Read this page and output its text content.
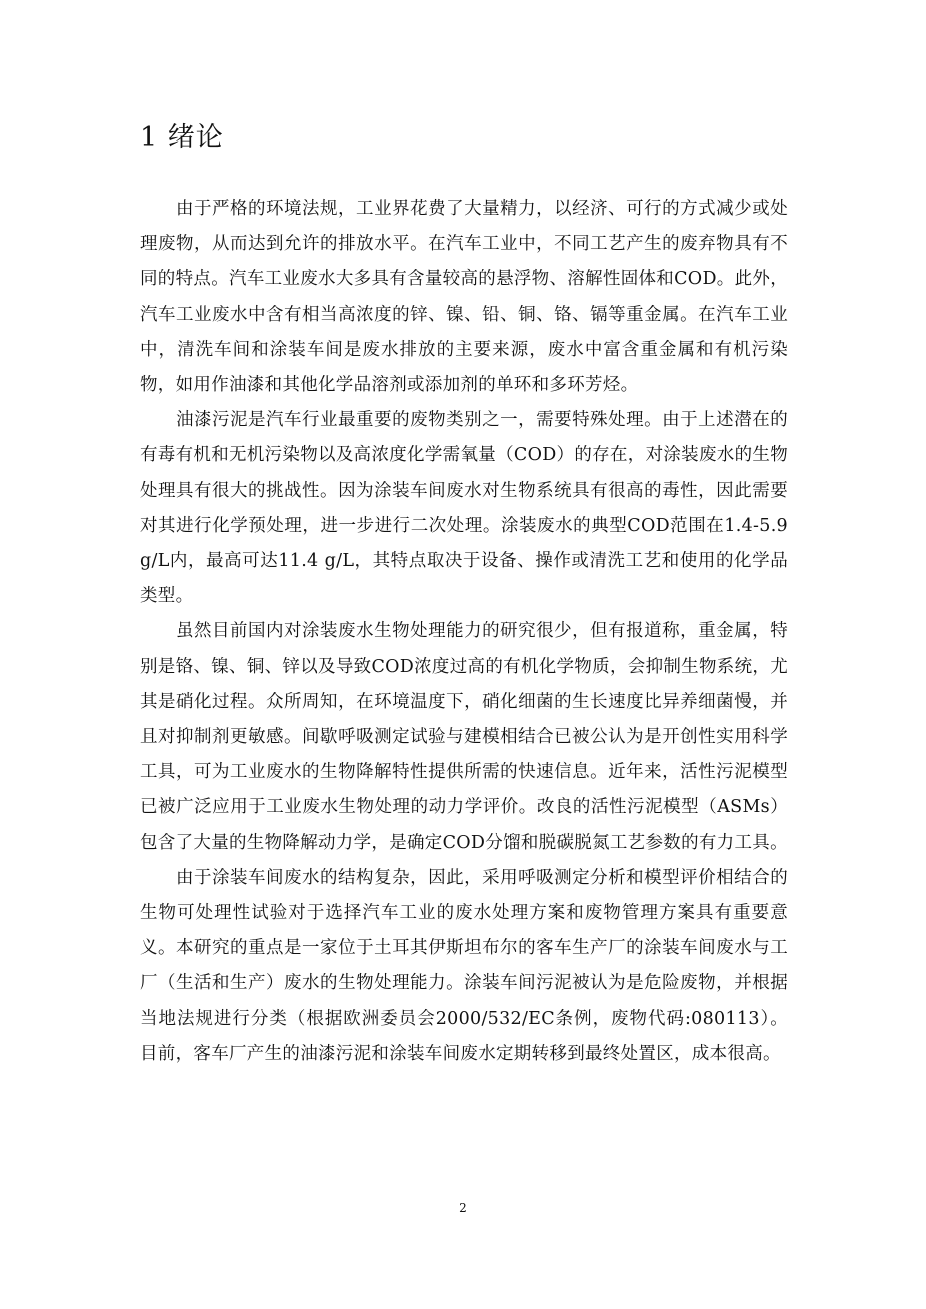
1 绪论

由于严格的环境法规，工业界花费了大量精力，以经济、可行的方式减少或处理废物，从而达到允许的排放水平。在汽车工业中，不同工艺产生的废弃物具有不同的特点。汽车工业废水大多具有含量较高的悬浮物、溶解性固体和COD。此外，汽车工业废水中含有相当高浓度的锌、镍、铅、铜、铬、镉等重金属。在汽车工业中，清洗车间和涂装车间是废水排放的主要来源，废水中富含重金属和有机污染物，如用作油漆和其他化学品溶剂或添加剂的单环和多环芳烃。

油漆污泥是汽车行业最重要的废物类别之一，需要特殊处理。由于上述潜在的有毒有机和无机污染物以及高浓度化学需氧量（COD）的存在，对涂装废水的生物处理具有很大的挑战性。因为涂装车间废水对生物系统具有很高的毒性，因此需要对其进行化学预处理，进一步进行二次处理。涂装废水的典型COD范围在1.4-5.9 g/L内，最高可达11.4 g/L，其特点取决于设备、操作或清洗工艺和使用的化学品类型。

虽然目前国内对涂装废水生物处理能力的研究很少，但有报道称，重金属，特别是铬、镍、铜、锌以及导致COD浓度过高的有机化学物质，会抑制生物系统，尤其是硝化过程。众所周知，在环境温度下，硝化细菌的生长速度比异养细菌慢，并且对抑制剂更敏感。间歇呼吸测定试验与建模相结合已被公认为是开创性实用科学工具，可为工业废水的生物降解特性提供所需的快速信息。近年来，活性污泥模型已被广泛应用于工业废水生物处理的动力学评价。改良的活性污泥模型（ASMs）包含了大量的生物降解动力学，是确定COD分馏和脱碳脱氮工艺参数的有力工具。

由于涂装车间废水的结构复杂，因此，采用呼吸测定分析和模型评价相结合的生物可处理性试验对于选择汽车工业的废水处理方案和废物管理方案具有重要意义。本研究的重点是一家位于土耳其伊斯坦布尔的客车生产厂的涂装车间废水与工厂（生活和生产）废水的生物处理能力。涂装车间污泥被认为是危险废物，并根据当地法规进行分类（根据欧洲委员会2000/532/EC条例，废物代码:080113）。目前，客车厂产生的油漆污泥和涂装车间废水定期转移到最终处置区，成本很高。

2
